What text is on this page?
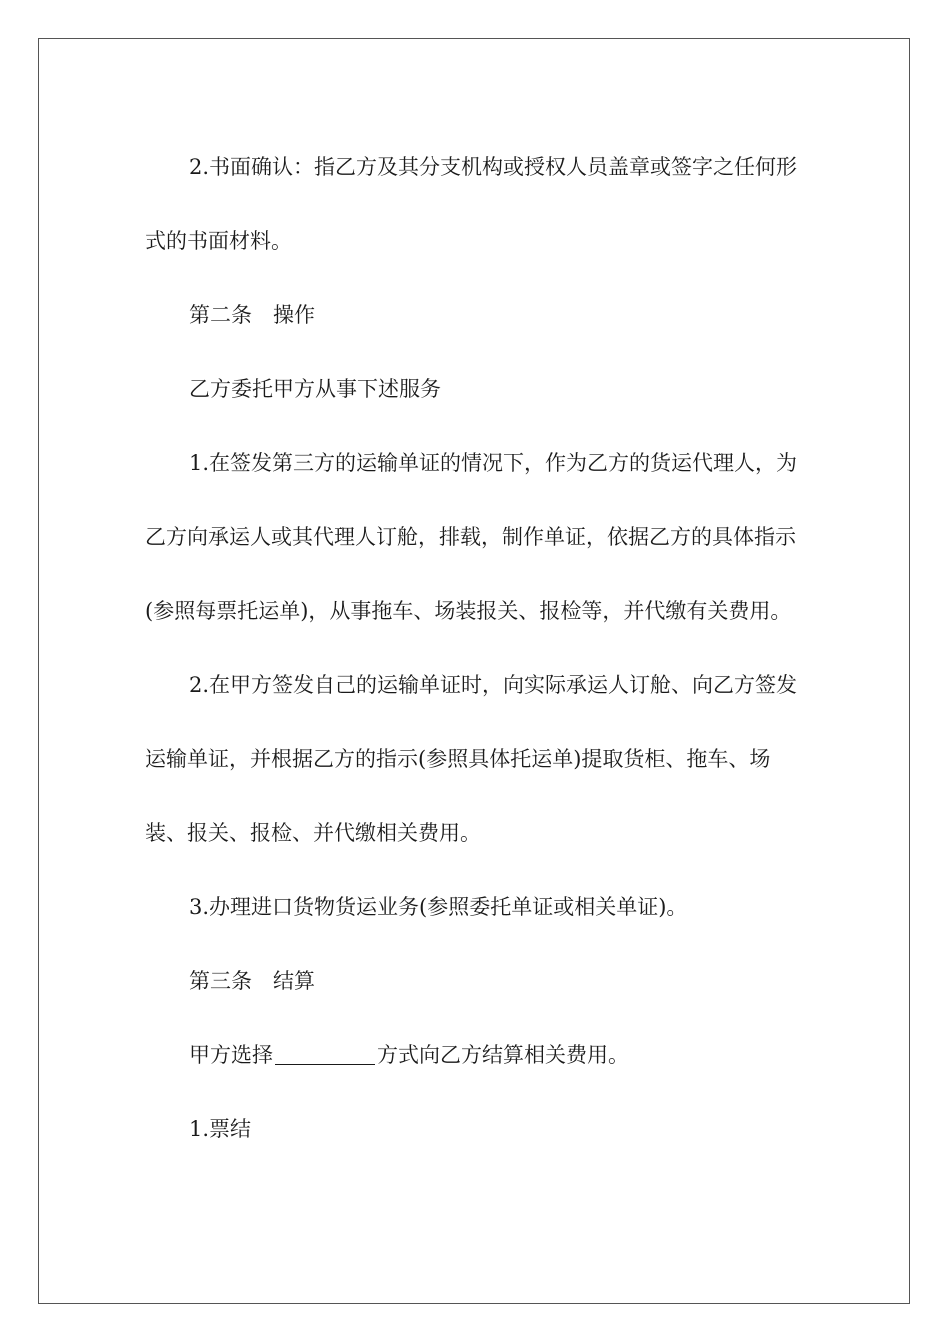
2.书面确认：指乙方及其分支机构或授权人员盖章或签字之任何形式的书面材料。

第二条　操作

乙方委托甲方从事下述服务

1.在签发第三方的运输单证的情况下，作为乙方的货运代理人，为乙方向承运人或其代理人订舱，排载，制作单证，依据乙方的具体指示(参照每票托运单)，从事拖车、场装报关、报检等，并代缴有关费用。

2.在甲方签发自己的运输单证时，向实际承运人订舱、向乙方签发运输单证，并根据乙方的指示(参照具体托运单)提取货柜、拖车、场装、报关、报检、并代缴相关费用。

3.办理进口货物货运业务(参照委托单证或相关单证)。

第三条　结算

甲方选择	方式向乙方结算相关费用。

1.票结
